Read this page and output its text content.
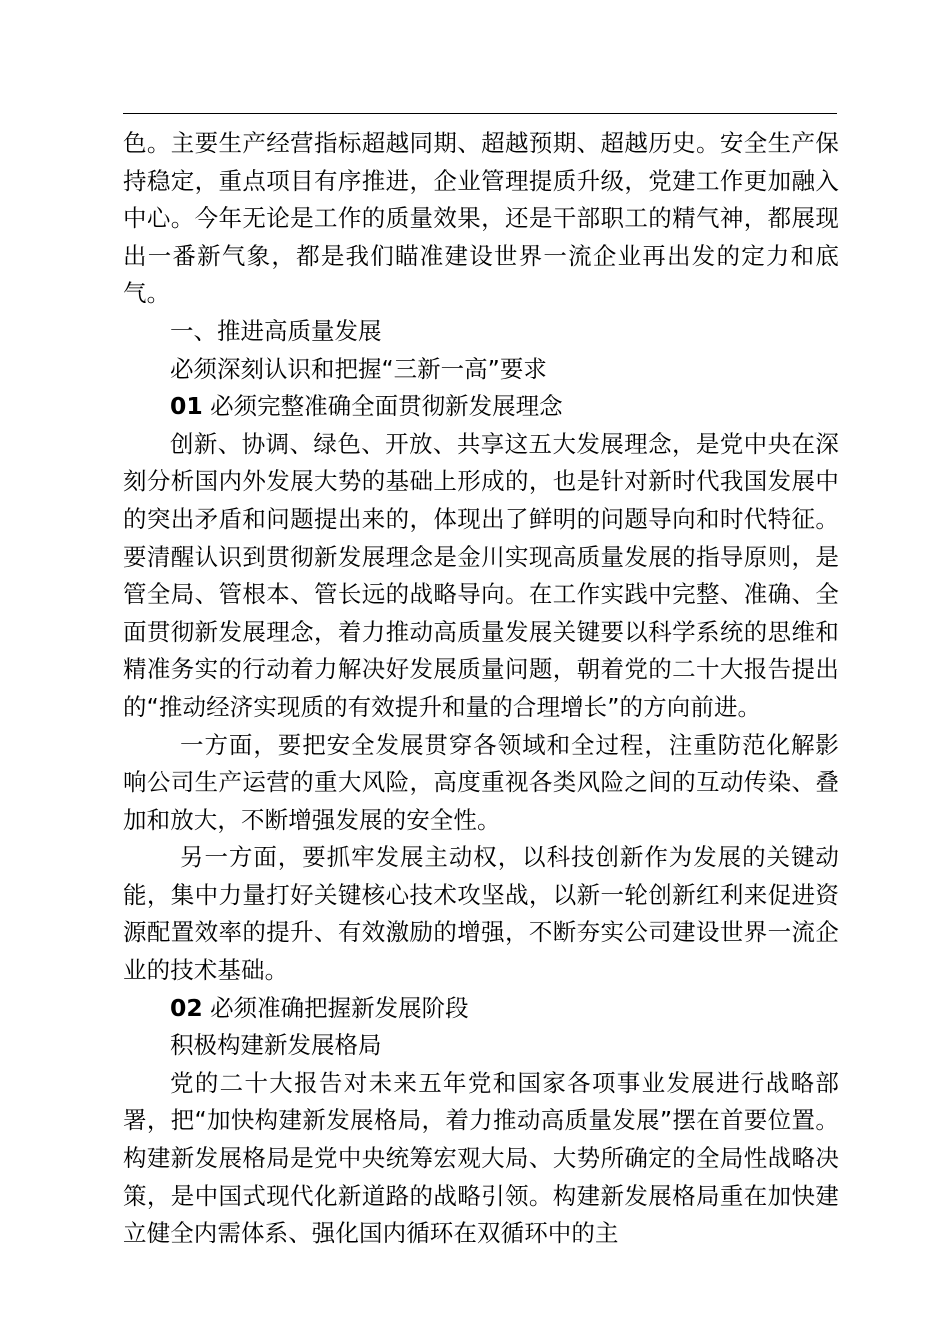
色。主要生产经营指标超越同期、超越预期、超越历史。安全生产保持稳定，重点项目有序推进，企业管理提质升级，党建工作更加融入中心。今年无论是工作的质量效果，还是干部职工的精气神，都展现出一番新气象，都是我们瞄准建设世界一流企业再出发的定力和底气。

一、推进高质量发展

必须深刻认识和把握“三新一高”要求

01 必须完整准确全面贯彻新发展理念

创新、协调、绿色、开放、共享这五大发展理念，是党中央在深刻分析国内外发展大势的基础上形成的，也是针对新时代我国发展中的突出矛盾和问题提出来的，体现出了鲜明的问题导向和时代特征。要清醒认识到贯彻新发展理念是金川实现高质量发展的指导原则，是管全局、管根本、管长远的战略导向。在工作实践中完整、准确、全面贯彻新发展理念，着力推动高质量发展关键要以科学系统的思维和精准务实的行动着力解决好发展质量问题，朝着党的二十大报告提出的“推动经济实现质的有效提升和量的合理增长”的方向前进。

一方面，要把安全发展贯穿各领域和全过程，注重防范化解影响公司生产运营的重大风险，高度重视各类风险之间的互动传染、叠加和放大，不断增强发展的安全性。

另一方面，要抓牢发展主动权，以科技创新作为发展的关键动能，集中力量打好关键核心技术攻坚战，以新一轮创新红利来促进资源配置效率的提升、有效激励的增强，不断夯实公司建设世界一流企业的技术基础。

02 必须准确把握新发展阶段

积极构建新发展格局

党的二十大报告对未来五年党和国家各项事业发展进行战略部署，把“加快构建新发展格局，着力推动高质量发展”摆在首要位置。构建新发展格局是党中央统筹宏观大局、大势所确定的全局性战略决策，是中国式现代化新道路的战略引领。构建新发展格局重在加快建立健全内需体系、强化国内循环在双循环中的主
